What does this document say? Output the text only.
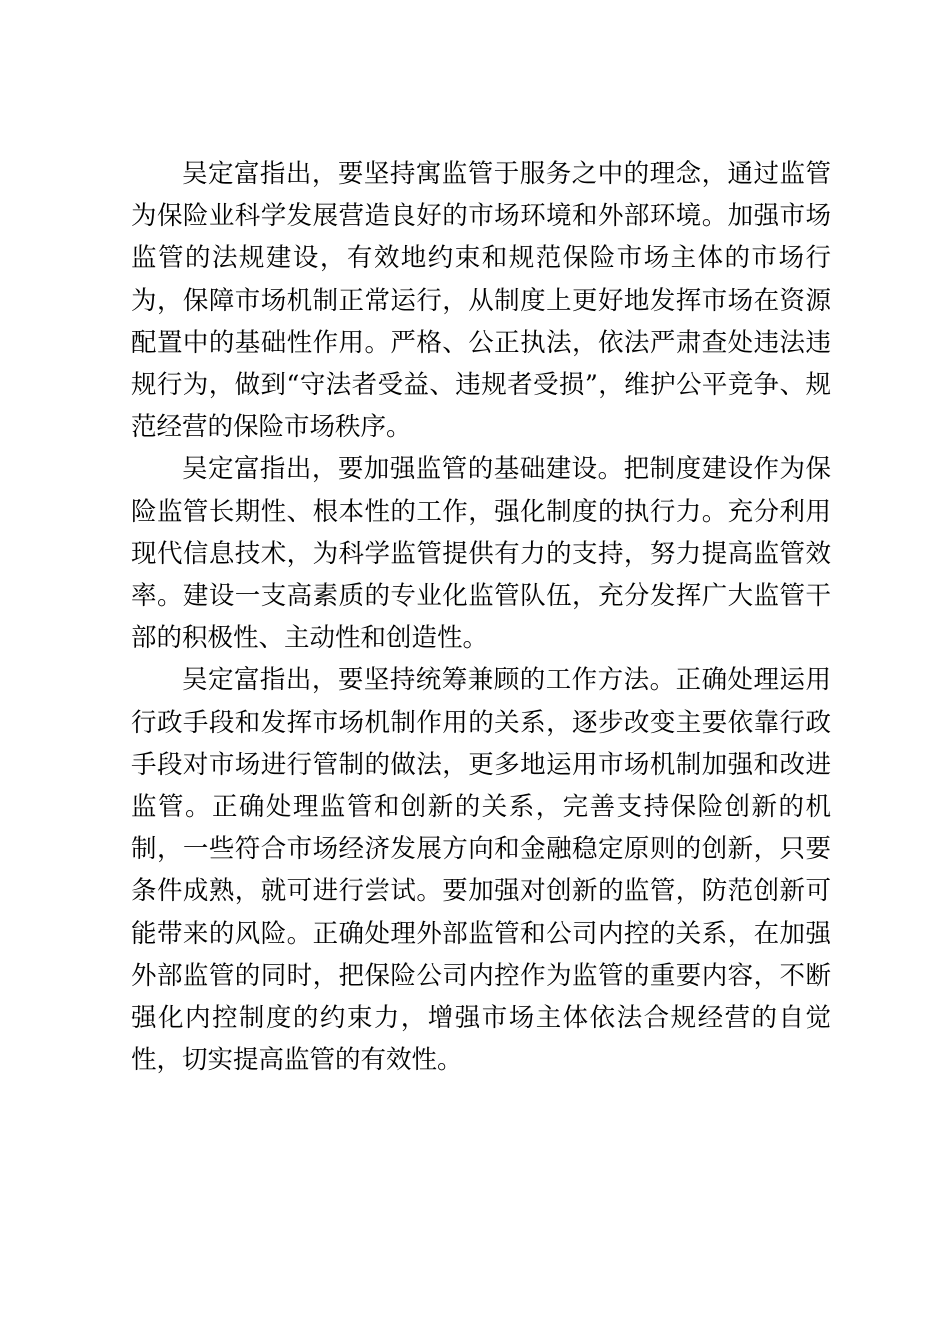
吴定富指出，要坚持寓监管于服务之中的理念，通过监管为保险业科学发展营造良好的市场环境和外部环境。加强市场监管的法规建设，有效地约束和规范保险市场主体的市场行为，保障市场机制正常运行，从制度上更好地发挥市场在资源配置中的基础性作用。严格、公正执法，依法严肃查处违法违规行为，做到“守法者受益、违规者受损”，维护公平竞争、规范经营的保险市场秩序。

吴定富指出，要加强监管的基础建设。把制度建设作为保险监管长期性、根本性的工作，强化制度的执行力。充分利用现代信息技术，为科学监管提供有力的支持，努力提高监管效率。建设一支高素质的专业化监管队伍，充分发挥广大监管干部的积极性、主动性和创造性。

吴定富指出，要坚持统筹兼顾的工作方法。正确处理运用行政手段和发挥市场机制作用的关系，逐步改变主要依靠行政手段对市场进行管制的做法，更多地运用市场机制加强和改进监管。正确处理监管和创新的关系，完善支持保险创新的机制，一些符合市场经济发展方向和金融稳定原则的创新，只要条件成熟，就可进行尝试。要加强对创新的监管，防范创新可能带来的风险。正确处理外部监管和公司内控的关系，在加强外部监管的同时，把保险公司内控作为监管的重要内容，不断强化内控制度的约束力，增强市场主体依法合规经营的自觉性，切实提高监管的有效性。
